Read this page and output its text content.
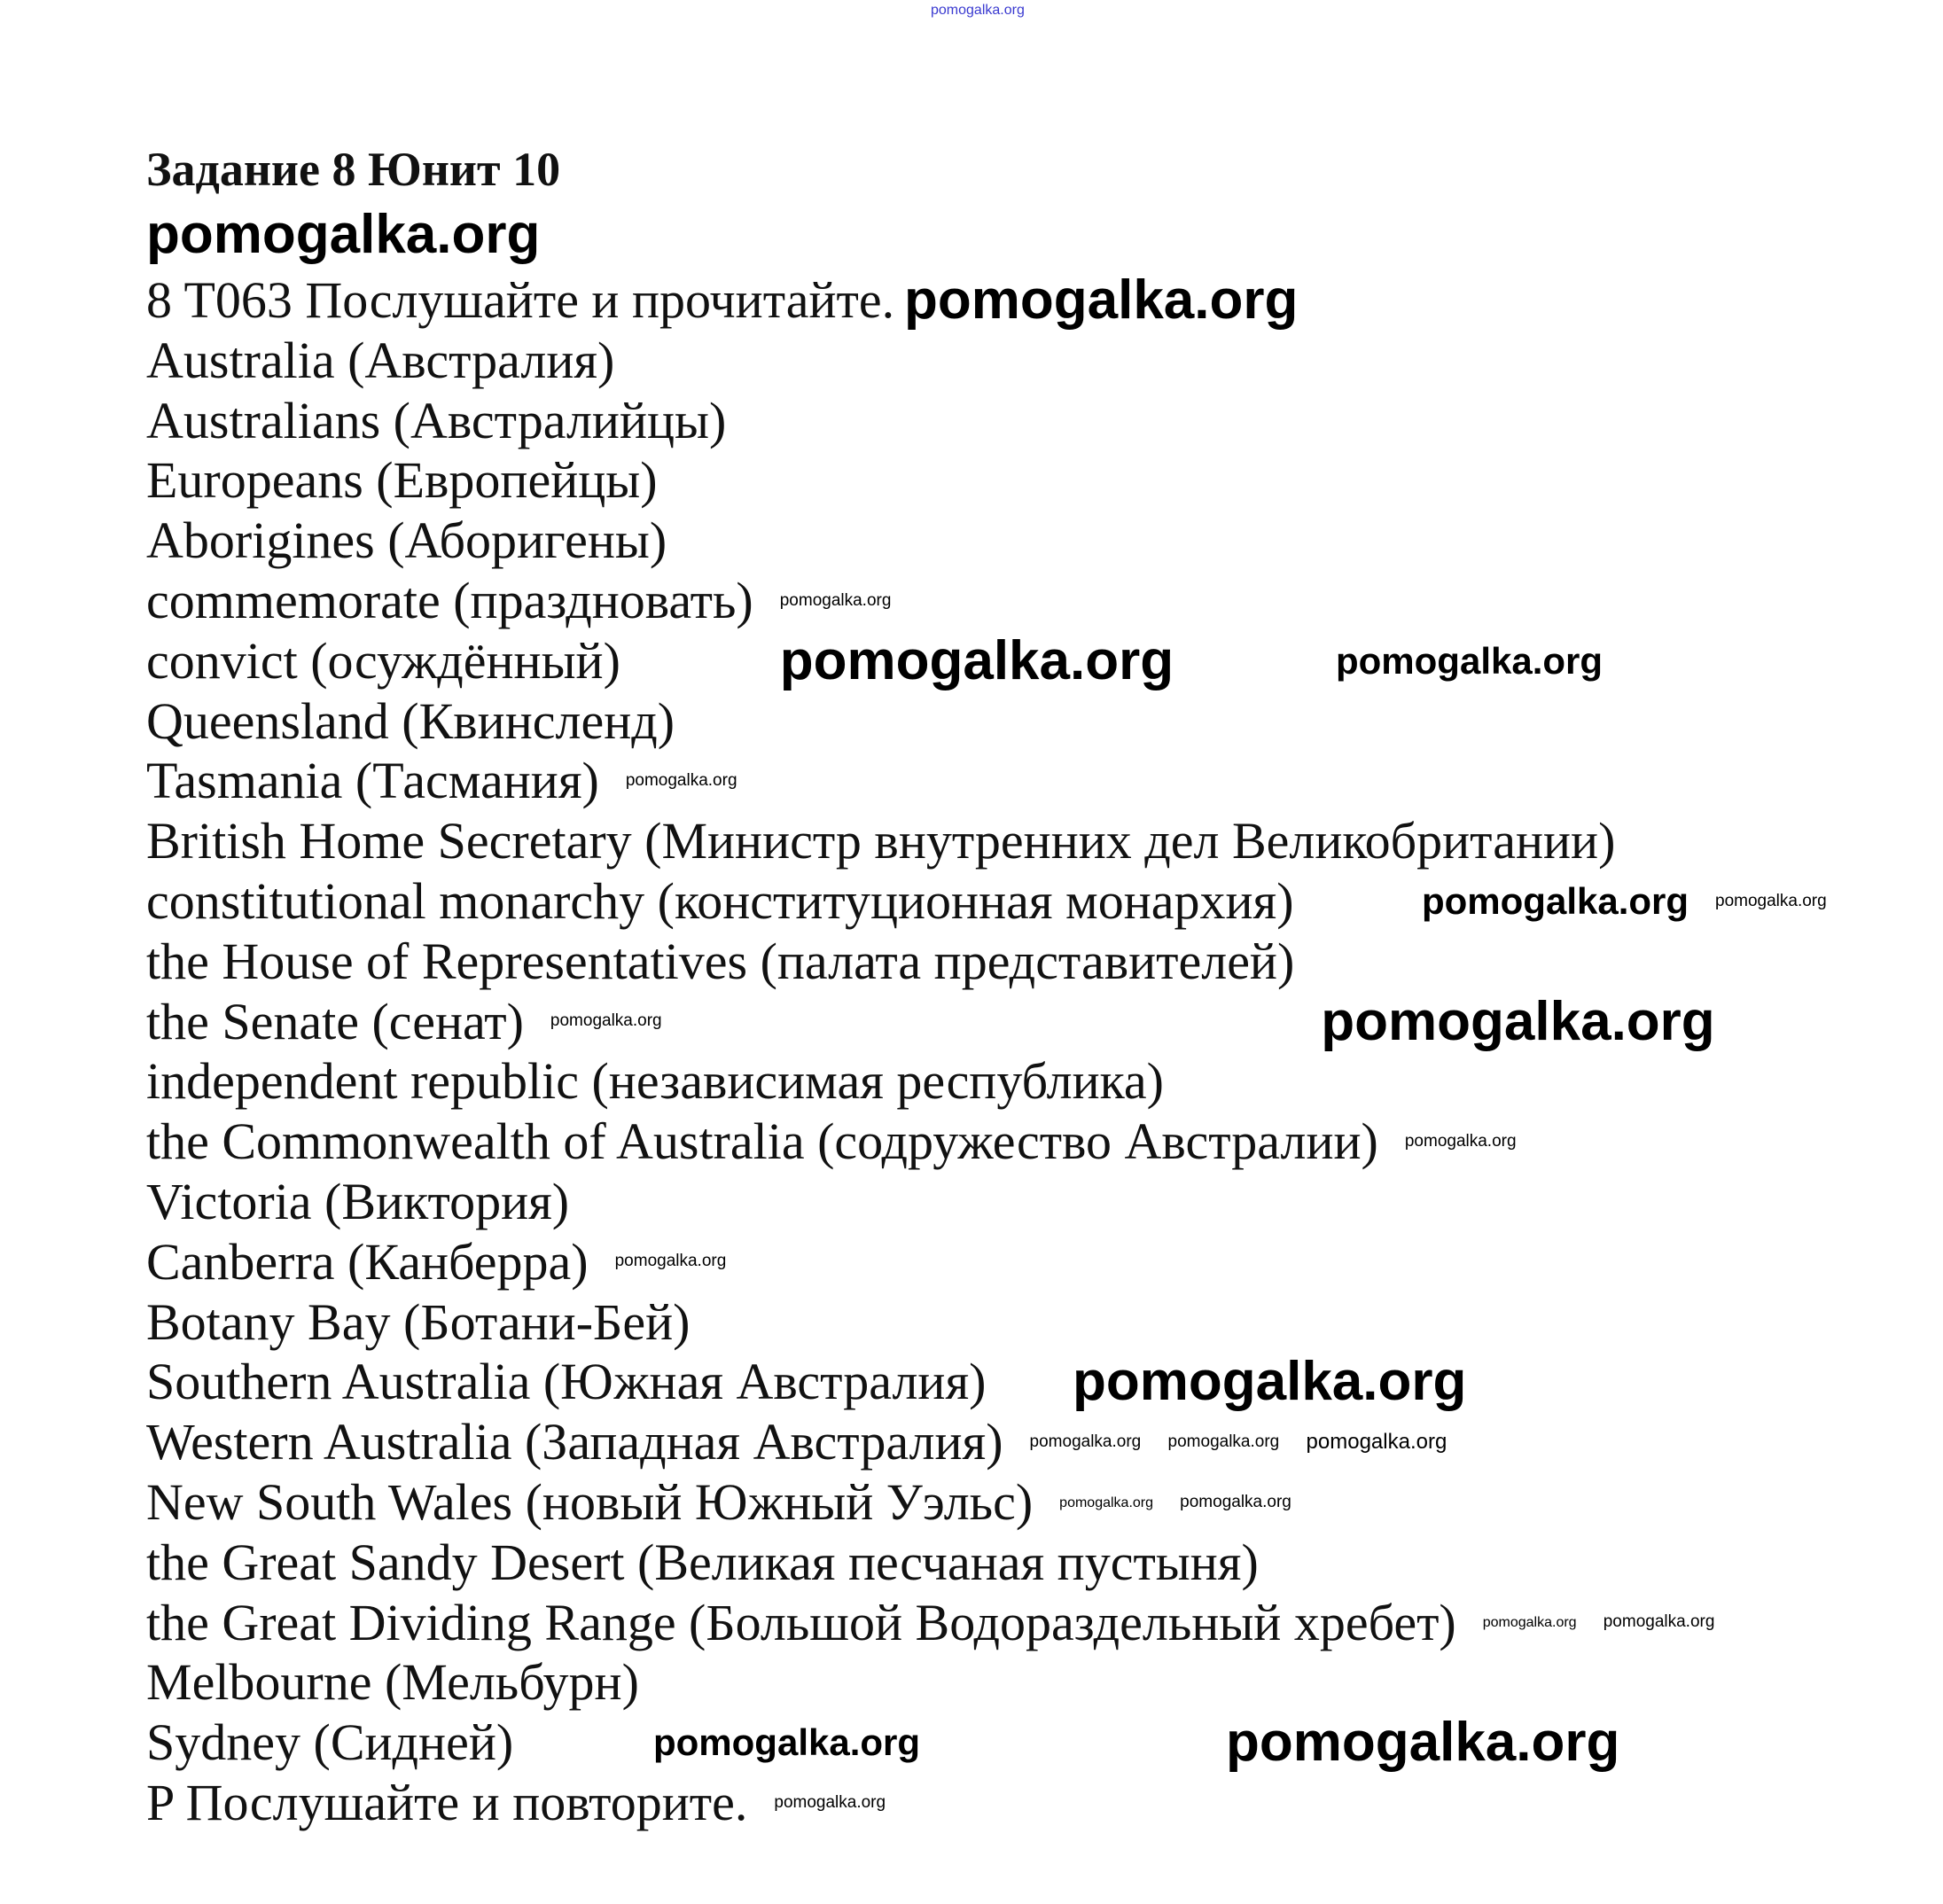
pomogalka.org
Задание 8 Юнит 10
8 T063 Послушайте и прочитайте.
Australia (Австралия)
Australians (Австралийцы)
Europeans (Европейцы)
Aborigines (Аборигены)
commemorate (праздновать)
convict (осуждённый)
Queensland (Квинсленд)
Tasmania (Тасмания)
British Home Secretary (Министр внутренних дел Великобритании)
constitutional monarchy (конституционная монархия)
the House of Representatives (палата представителей)
the Senate (сенат)
independent republic (независимая республика)
the Commonwealth of Australia (содружество Австралии)
Victoria (Виктория)
Canberra (Канберра)
Botany Bay (Ботани-Бей)
Southern Australia (Южная Австралия)
Western Australia (Западная Австралия)
New South Wales (новый Южный Уэльс)
the Great Sandy Desert (Великая песчаная пустыня)
the Great Dividing Range (Большой Водораздельный хребет)
Melbourne (Мельбурн)
Sydney (Сидней)
P Послушайте и повторите.
pomogalka.org
pomogalka.org
pomogalka.org	pomogalka.org
pomogalka.org
pomogalka.org
pomogalka.org
pomogalka.org	pomogalka.org
pomogalka.org
pomogalka.org
pomogalka.org
pomogalka.org
pomogalka.org
pomogalka.org
pomogalka.org pomogalka.org pomogalka.org
pomogalka.org pomogalka.org
pomogalka.org pomogalka.org
pomogalka.org
